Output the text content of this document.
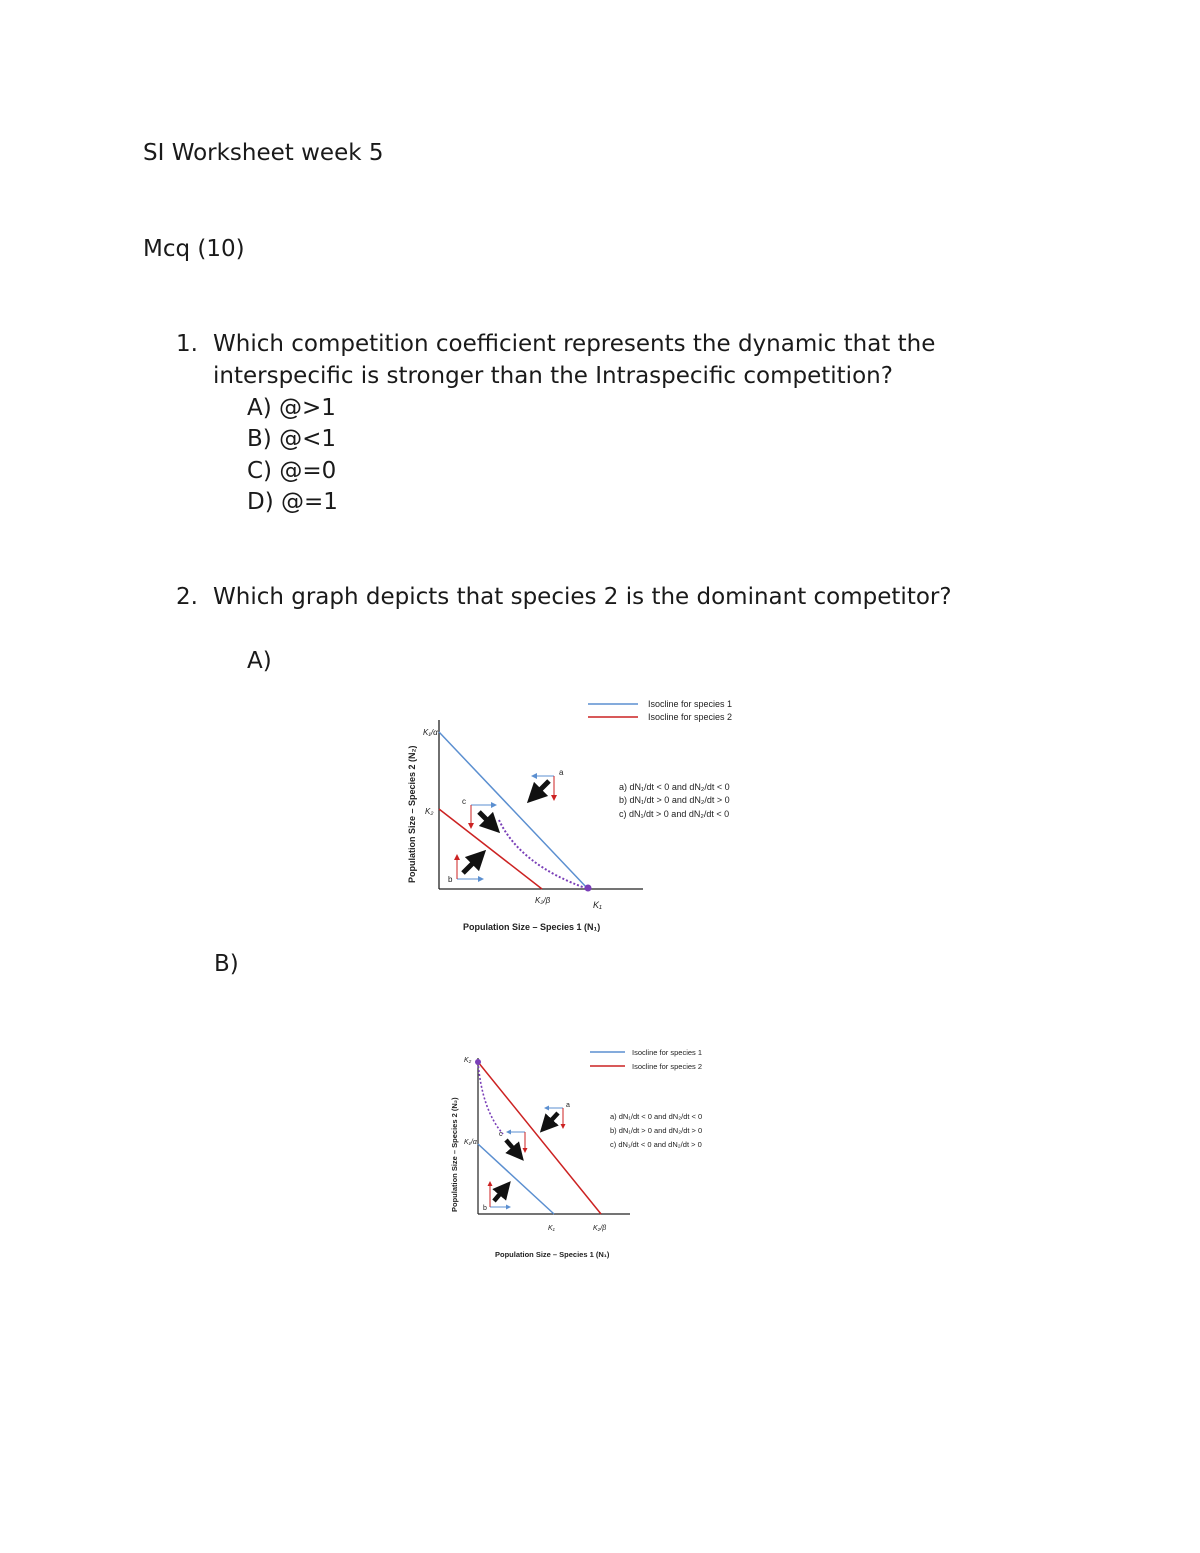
SI Worksheet week 5
Mcq (10)
1. Which competition coefficient represents the dynamic that the
interspecific is stronger than the Intraspecific competition?
A) @>1
B) @<1
C) @=0
D) @=1
2. Which graph depicts that species 2 is the dominant competitor?
A)
B)
Isocline for species 1
Isocline for species 2
a) dN₁/dt < 0 and dN₂/dt < 0
b) dN₁/dt > 0 and dN₂/dt > 0
c) dN₁/dt > 0 and dN₂/dt < 0
a
b
c
K₁/α
K₂
K₂/β	K₁
Population Size – Species 1 (N₁)
Population Size – Species 2 (N₂)
Isocline for species 1
Isocline for species 2
a) dN₁/dt < 0 and dN₂/dt < 0
b) dN₁/dt > 0 and dN₂/dt > 0
c) dN₁/dt < 0 and dN₂/dt > 0
a
b
c
K₂
K₁/α
K₁	K₂/β
Population Size – Species 1 (N₁)
Population Size – Species 2 (N₂)
